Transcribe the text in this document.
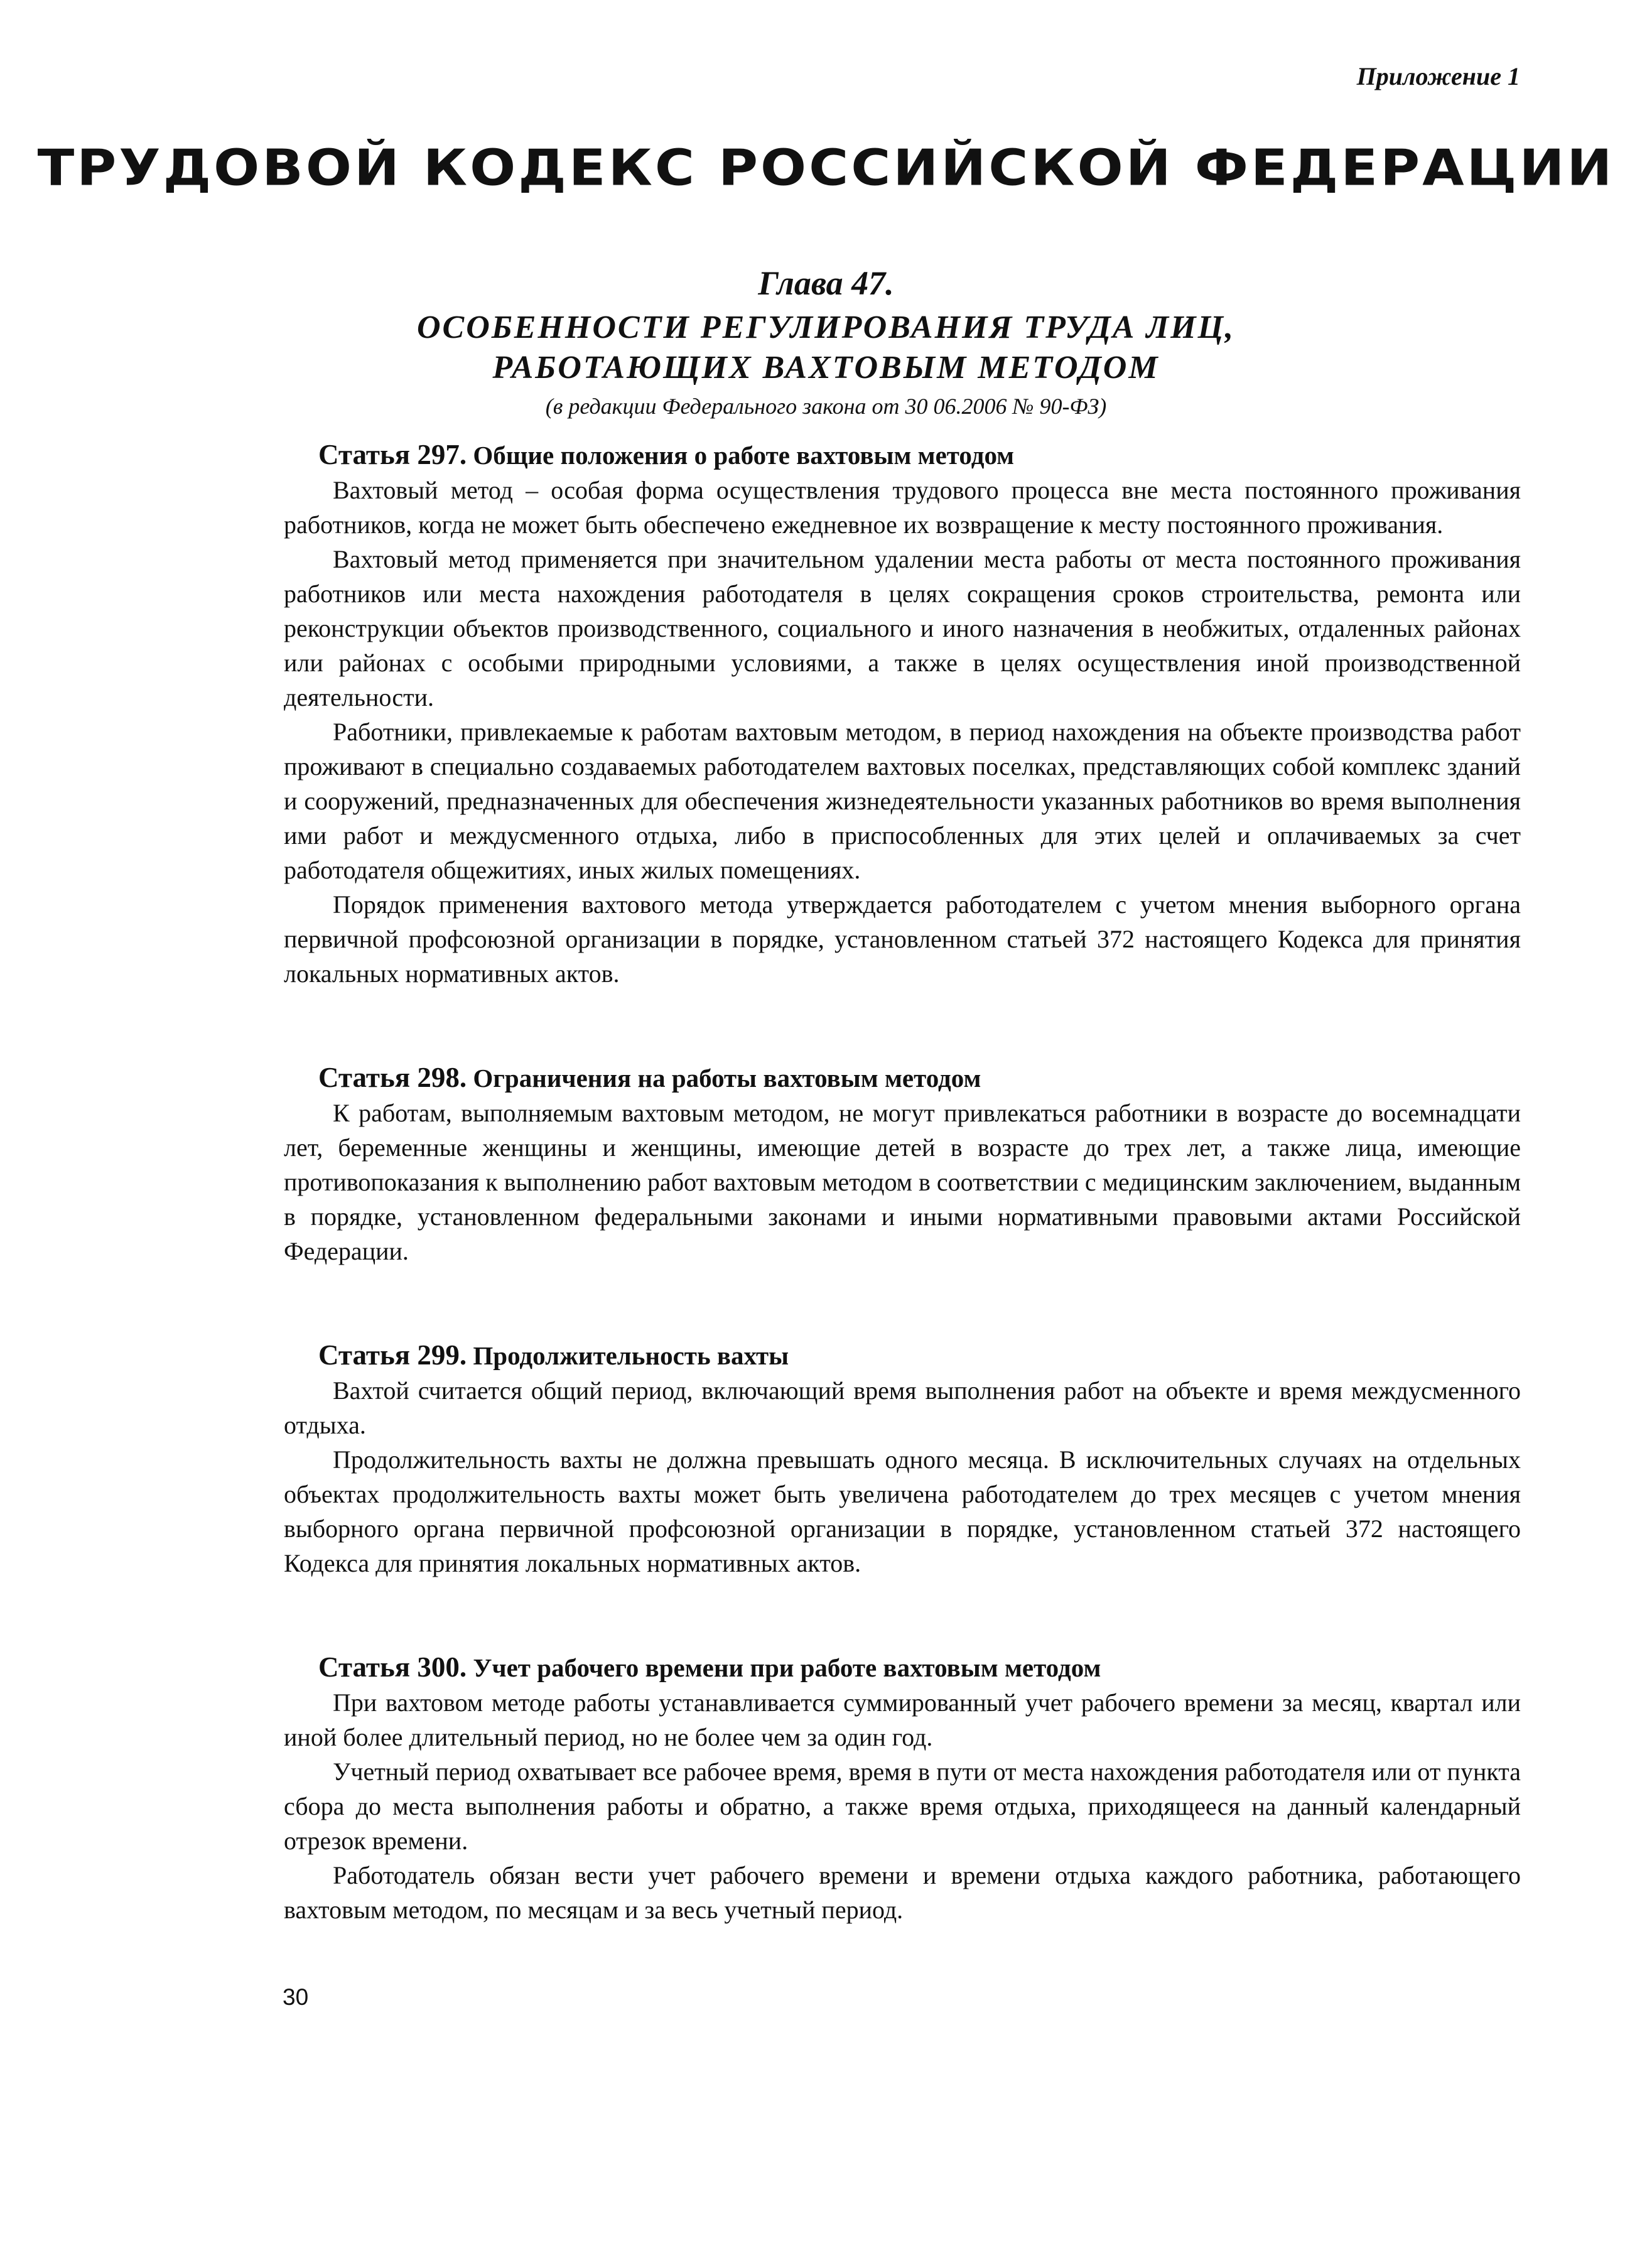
Приложение 1
ТРУДОВОЙ КОДЕКС РОССИЙСКОЙ ФЕДЕРАЦИИ
Глава 47.
ОСОБЕННОСТИ РЕГУЛИРОВАНИЯ ТРУДА ЛИЦ,
РАБОТАЮЩИХ ВАХТОВЫМ МЕТОДОМ
(в редакции Федерального закона от 30 06.2006 № 90-ФЗ)
Статья 297. Общие положения о работе вахтовым методом

Вахтовый метод – особая форма осуществления трудового процесса вне места постоянного проживания работников, когда не может быть обеспечено ежедневное их возвращение к месту постоянного проживания.

Вахтовый метод применяется при значительном удалении места работы от места постоянного проживания работников или места нахождения работодателя в целях сокращения сроков строительства, ремонта или реконструкции объектов производственного, социального и иного назначения в необжитых, отдаленных районах или районах с особыми природными условиями, а также в целях осуществления иной производственной деятельности.

Работники, привлекаемые к работам вахтовым методом, в период нахождения на объекте производства работ проживают в специально создаваемых работодателем вахтовых поселках, представляющих собой комплекс зданий и сооружений, предназначенных для обеспечения жизнедеятельности указанных работников во время выполнения ими работ и междусменного отдыха, либо в приспособленных для этих целей и оплачиваемых за счет работодателя общежитиях, иных жилых помещениях.

Порядок применения вахтового метода утверждается работодателем с учетом мнения выборного органа первичной профсоюзной организации в порядке, установленном статьей 372 настоящего Кодекса для принятия локальных нормативных актов.

Статья 298. Ограничения на работы вахтовым методом

К работам, выполняемым вахтовым методом, не могут привлекаться работники в возрасте до восемнадцати лет, беременные женщины и женщины, имеющие детей в возрасте до трех лет, а также лица, имеющие противопоказания к выполнению работ вахтовым методом в соответствии с медицинским заключением, выданным в порядке, установленном федеральными законами и иными нормативными правовыми актами Российской Федерации.

Статья 299. Продолжительность вахты

Вахтой считается общий период, включающий время выполнения работ на объекте и время междусменного отдыха.

Продолжительность вахты не должна превышать одного месяца. В исключительных случаях на отдельных объектах продолжительность вахты может быть увеличена работодателем до трех месяцев с учетом мнения выборного органа первичной профсоюзной организации в порядке, установленном статьей 372 настоящего Кодекса для принятия локальных нормативных актов.

Статья 300. Учет рабочего времени при работе вахтовым методом

При вахтовом методе работы устанавливается суммированный учет рабочего времени за месяц, квартал или иной более длительный период, но не более чем за один год.

Учетный период охватывает все рабочее время, время в пути от места нахождения работодателя или от пункта сбора до места выполнения работы и обратно, а также время отдыха, приходящееся на данный календарный отрезок времени.

Работодатель обязан вести учет рабочего времени и времени отдыха каждого работника, работающего вахтовым методом, по месяцам и за весь учетный период.

30
